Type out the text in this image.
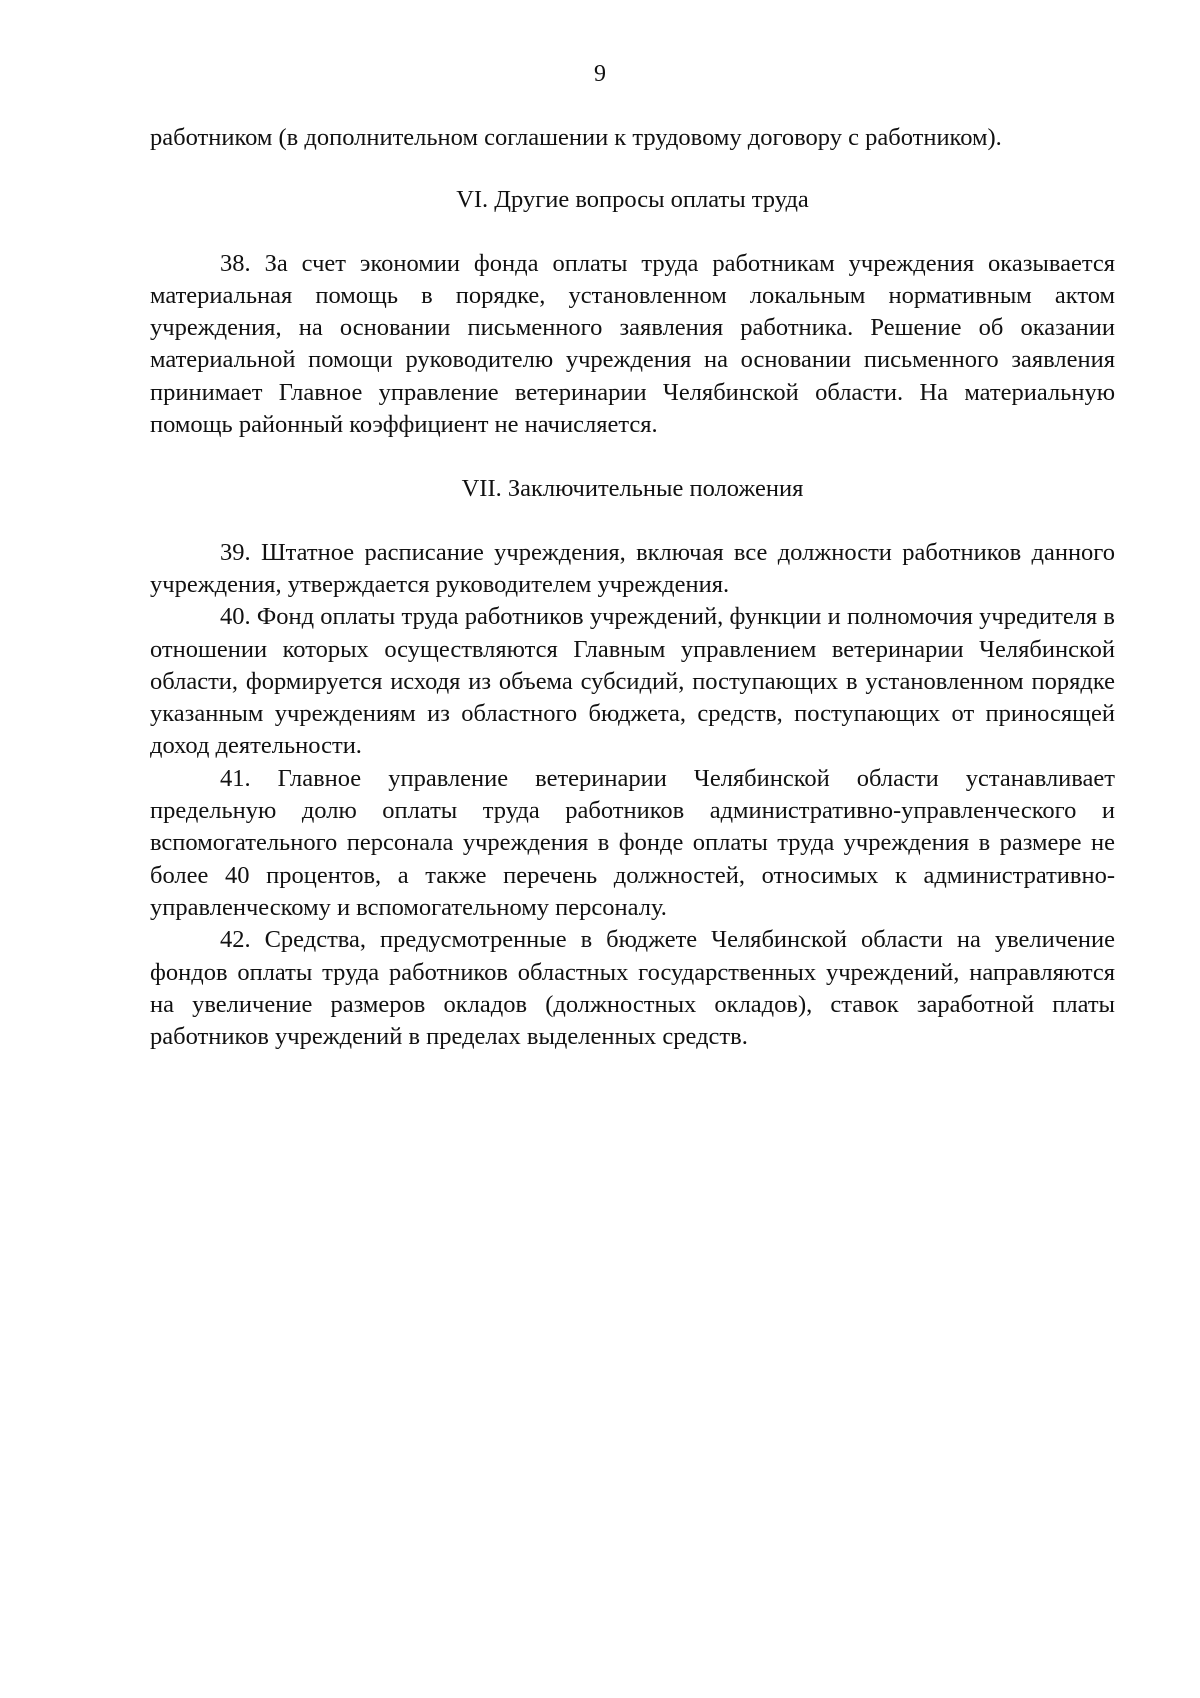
9

работником (в дополнительном соглашении к трудовому договору с работником).

VI. Другие вопросы оплаты труда

38. За счет экономии фонда оплаты труда работникам учреждения оказывается материальная помощь в порядке, установленном локальным нормативным актом учреждения, на основании письменного заявления работника. Решение об оказании материальной помощи руководителю учреждения на основании письменного заявления принимает Главное управление ветеринарии Челябинской области. На материальную помощь районный коэффициент не начисляется.

VII. Заключительные положения

39. Штатное расписание учреждения, включая все должности работников данного учреждения, утверждается руководителем учреждения.

40. Фонд оплаты труда работников учреждений, функции и полномочия учредителя в отношении которых осуществляются Главным управлением ветеринарии Челябинской области, формируется исходя из объема субсидий, поступающих в установленном порядке указанным учреждениям из областного бюджета, средств, поступающих от приносящей доход деятельности.

41. Главное управление ветеринарии Челябинской области устанавливает предельную долю оплаты труда работников административно-управленческого и вспомогательного персонала учреждения в фонде оплаты труда учреждения в размере не более 40 процентов, а также перечень должностей, относимых к административно-управленческому и вспомогательному персоналу.

42. Средства, предусмотренные в бюджете Челябинской области на увеличение фондов оплаты труда работников областных государственных учреждений, направляются на увеличение размеров окладов (должностных окладов), ставок заработной платы работников учреждений в пределах выделенных средств.
